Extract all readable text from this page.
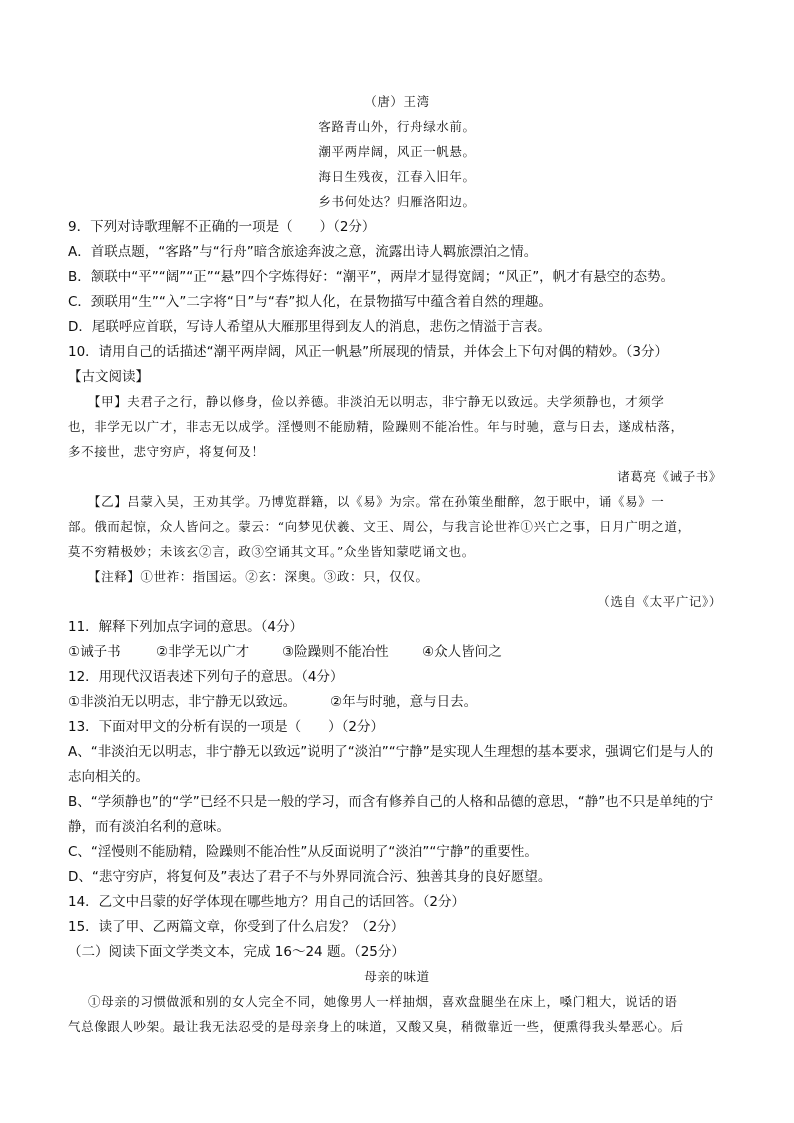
（唐）王湾
客路青山外，行舟绿水前。
潮平两岸阔，风正一帆悬。
海日生残夜，江春入旧年。
乡书何处达？归雁洛阳边。
9．下列对诗歌理解不正确的一项是（　　）（2分）
A．首联点题，“客路”与“行舟”暗含旅途奔波之意，流露出诗人羁旅漂泊之情。
B．颔联中“平”“阔”“正”“悬”四个字炼得好：“潮平”，两岸才显得宽阔；“风正”，帆才有悬空的态势。
C．颈联用“生”“入”二字将“日”与“春”拟人化，在景物描写中蕴含着自然的理趣。
D．尾联呼应首联，写诗人希望从大雁那里得到友人的消息，悲伤之情溢于言表。
10．请用自己的话描述“潮平两岸阔，风正一帆悬”所展现的情景，并体会上下句对偶的精妙。（3分）
【古文阅读】
【甲】夫君子之行，静以修身，俭以养德。非淡泊无以明志，非宁静无以致远。夫学须静也，才须学
也，非学无以广才，非志无以成学。淫慢则不能励精，险躁则不能冶性。年与时驰，意与日去，遂成枯落，
多不接世，悲守穷庐，将复何及！
诸葛亮《诫子书》
【乙】吕蒙入吴，王劝其学。乃博览群籍，以《易》为宗。常在孙策坐酣醉，忽于眠中，诵《易》一
部。俄而起惊，众人皆问之。蒙云：“向梦见伏羲、文王、周公，与我言论世祚①兴亡之事，日月广明之道，
莫不穷精极妙；未该玄②言，政③空诵其文耳。”众坐皆知蒙呓诵文也。
【注释】①世祚：指国运。②玄：深奥。③政：只，仅仅。
（选自《太平广记》）
11．解释下列加点字词的意思。（4分）
①诫子书	②非学无以广才 ③险躁则不能冶性 ④众人皆问之
12．用现代汉语表述下列句子的意思。（4分）
①非淡泊无以明志，非宁静无以致远。	②年与时驰，意与日去。
13．下面对甲文的分析有误的一项是（　　）（2分）
A、“非淡泊无以明志，非宁静无以致远”说明了“淡泊”“宁静”是实现人生理想的基本要求，强调它们是与人的
志向相关的。
B、“学须静也”的“学”已经不只是一般的学习，而含有修养自己的人格和品德的意思，“静”也不只是单纯的宁
静，而有淡泊名利的意味。
C、“淫慢则不能励精，险躁则不能冶性”从反面说明了“淡泊”“宁静”的重要性。
D、“悲守穷庐，将复何及”表达了君子不与外界同流合污、独善其身的良好愿望。
14．乙文中吕蒙的好学体现在哪些地方？用自己的话回答。（2分）
15．读了甲、乙两篇文章，你受到了什么启发？（2分）
（二）阅读下面文学类文本，完成 16～24 题。（25分）
母亲的味道
①母亲的习惯做派和别的女人完全不同，她像男人一样抽烟，喜欢盘腿坐在床上，嗓门粗大，说话的语
气总像跟人吵架。最让我无法忍受的是母亲身上的味道，又酸又臭，稍微靠近一些，便熏得我头晕恶心。后
